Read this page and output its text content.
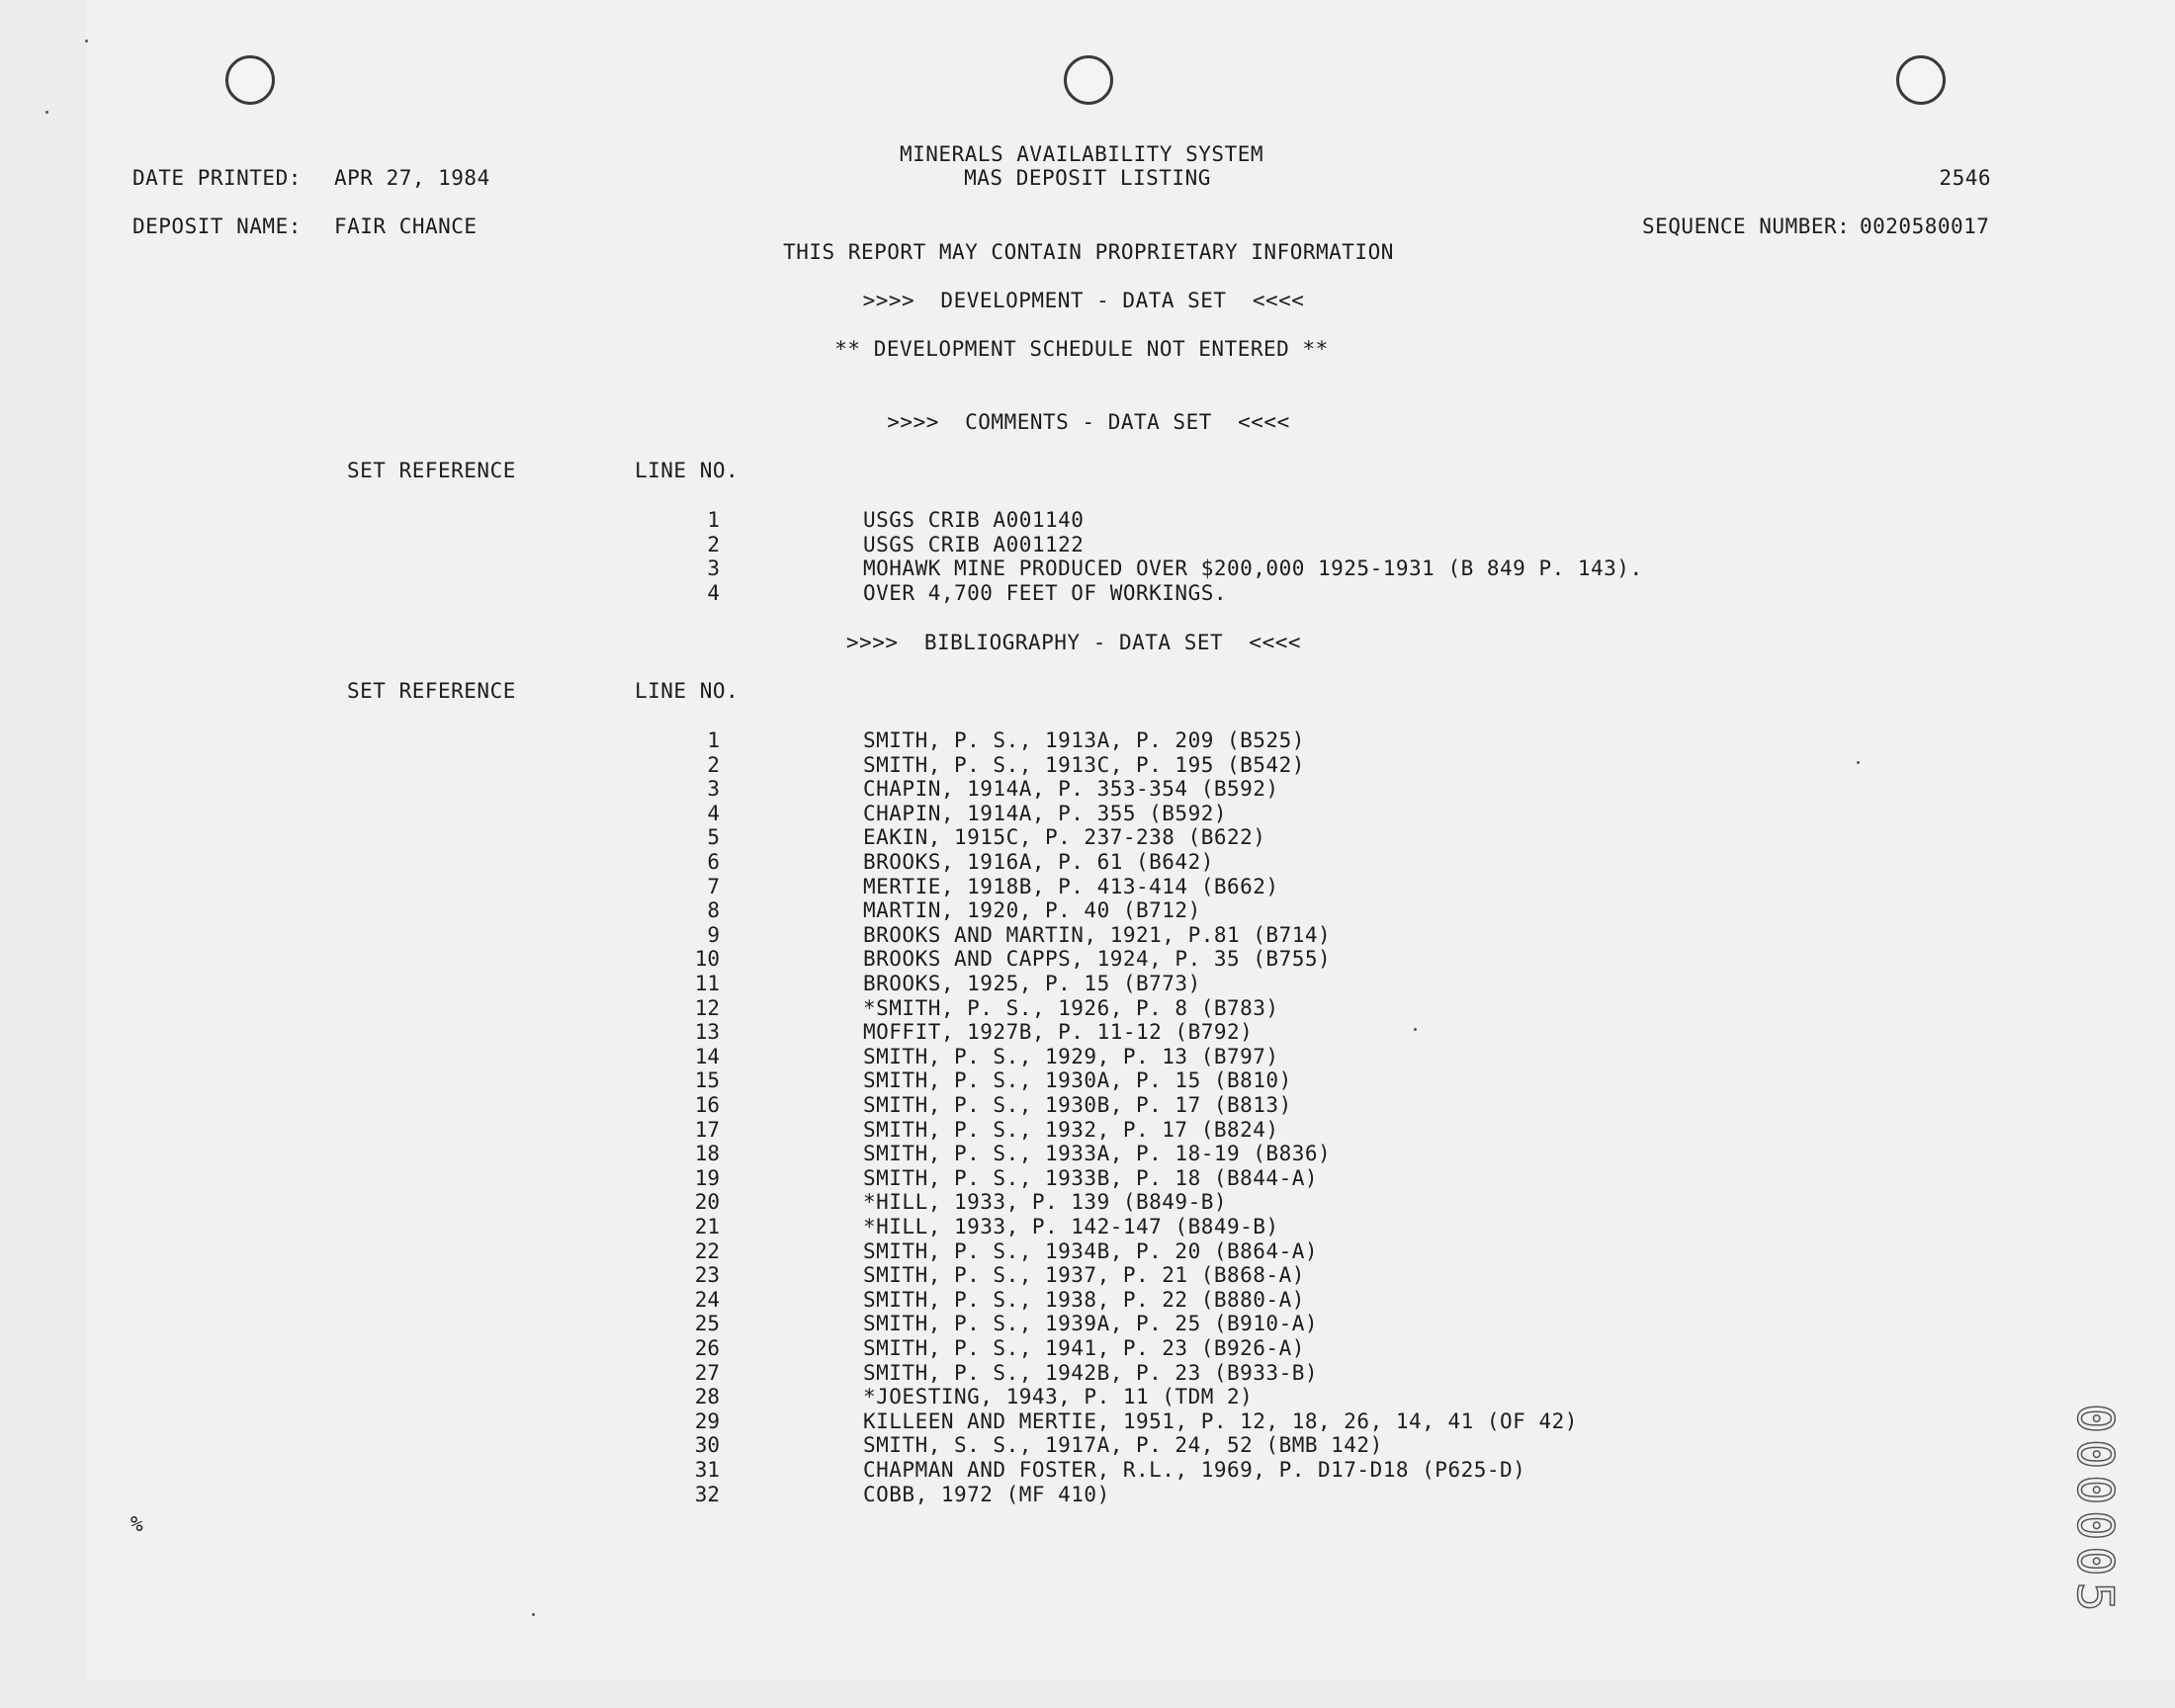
MINERALS AVAILABILITY SYSTEM
MAS DEPOSIT LISTING
DATE PRINTED: APR 27, 1984	2546
DEPOSIT NAME: FAIR CHANCE	SEQUENCE NUMBER: 0020580017
THIS REPORT MAY CONTAIN PROPRIETARY INFORMATION
>>>>  DEVELOPMENT - DATA SET  <<<<
** DEVELOPMENT SCHEDULE NOT ENTERED **
>>>>  COMMENTS - DATA SET  <<<<
SET REFERENCE	LINE NO.
1	USGS CRIB A001140
2	USGS CRIB A001122
3	MOHAWK MINE PRODUCED OVER $200,000 1925-1931 (B 849 P. 143).
4	OVER 4,700 FEET OF WORKINGS.
>>>>  BIBLIOGRAPHY - DATA SET  <<<<
SET REFERENCE	LINE NO.
1	SMITH, P. S., 1913A, P. 209 (B525)
2	SMITH, P. S., 1913C, P. 195 (B542)
3	CHAPIN, 1914A, P. 353-354 (B592)
4	CHAPIN, 1914A, P. 355 (B592)
5	EAKIN, 1915C, P. 237-238 (B622)
6	BROOKS, 1916A, P. 61 (B642)
7	MERTIE, 1918B, P. 413-414 (B662)
8	MARTIN, 1920, P. 40 (B712)
9	BROOKS AND MARTIN, 1921, P.81 (B714)
10	BROOKS AND CAPPS, 1924, P. 35 (B755)
11	BROOKS, 1925, P. 15 (B773)
12	*SMITH, P. S., 1926, P. 8 (B783)
13	MOFFIT, 1927B, P. 11-12 (B792)
14	SMITH, P. S., 1929, P. 13 (B797)
15	SMITH, P. S., 1930A, P. 15 (B810)
16	SMITH, P. S., 1930B, P. 17 (B813)
17	SMITH, P. S., 1932, P. 17 (B824)
18	SMITH, P. S., 1933A, P. 18-19 (B836)
19	SMITH, P. S., 1933B, P. 18 (B844-A)
20	*HILL, 1933, P. 139 (B849-B)
21	*HILL, 1933, P. 142-147 (B849-B)
22	SMITH, P. S., 1934B, P. 20 (B864-A)
23	SMITH, P. S., 1937, P. 21 (B868-A)
24	SMITH, P. S., 1938, P. 22 (B880-A)
25	SMITH, P. S., 1939A, P. 25 (B910-A)
26	SMITH, P. S., 1941, P. 23 (B926-A)
27	SMITH, P. S., 1942B, P. 23 (B933-B)
28	*JOESTING, 1943, P. 11 (TDM 2)
29	KILLEEN AND MERTIE, 1951, P. 12, 18, 26, 14, 41 (OF 42)
30	SMITH, S. S., 1917A, P. 24, 52 (BMB 142)
31	CHAPMAN AND FOSTER, R.L., 1969, P. D17-D18 (P625-D)
32	COBB, 1972 (MF 410)
%	000005
